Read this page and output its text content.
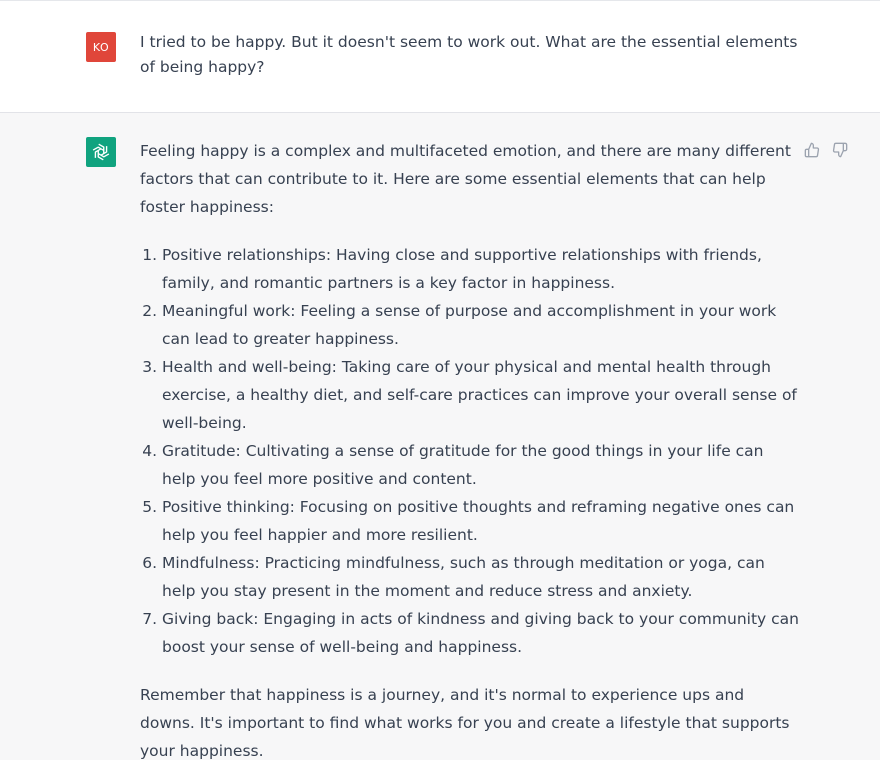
KO	I tried to be happy. But it doesn't seem to work out. What are the essential elements of being happy?

Feeling happy is a complex and multifaceted emotion, and there are many different factors that can contribute to it. Here are some essential elements that can help foster happiness:

1. Positive relationships: Having close and supportive relationships with friends, family, and romantic partners is a key factor in happiness.
2. Meaningful work: Feeling a sense of purpose and accomplishment in your work can lead to greater happiness.
3. Health and well-being: Taking care of your physical and mental health through exercise, a healthy diet, and self-care practices can improve your overall sense of well-being.
4. Gratitude: Cultivating a sense of gratitude for the good things in your life can help you feel more positive and content.
5. Positive thinking: Focusing on positive thoughts and reframing negative ones can help you feel happier and more resilient.
6. Mindfulness: Practicing mindfulness, such as through meditation or yoga, can help you stay present in the moment and reduce stress and anxiety.
7. Giving back: Engaging in acts of kindness and giving back to your community can boost your sense of well-being and happiness.

Remember that happiness is a journey, and it's normal to experience ups and downs. It's important to find what works for you and create a lifestyle that supports your happiness.
